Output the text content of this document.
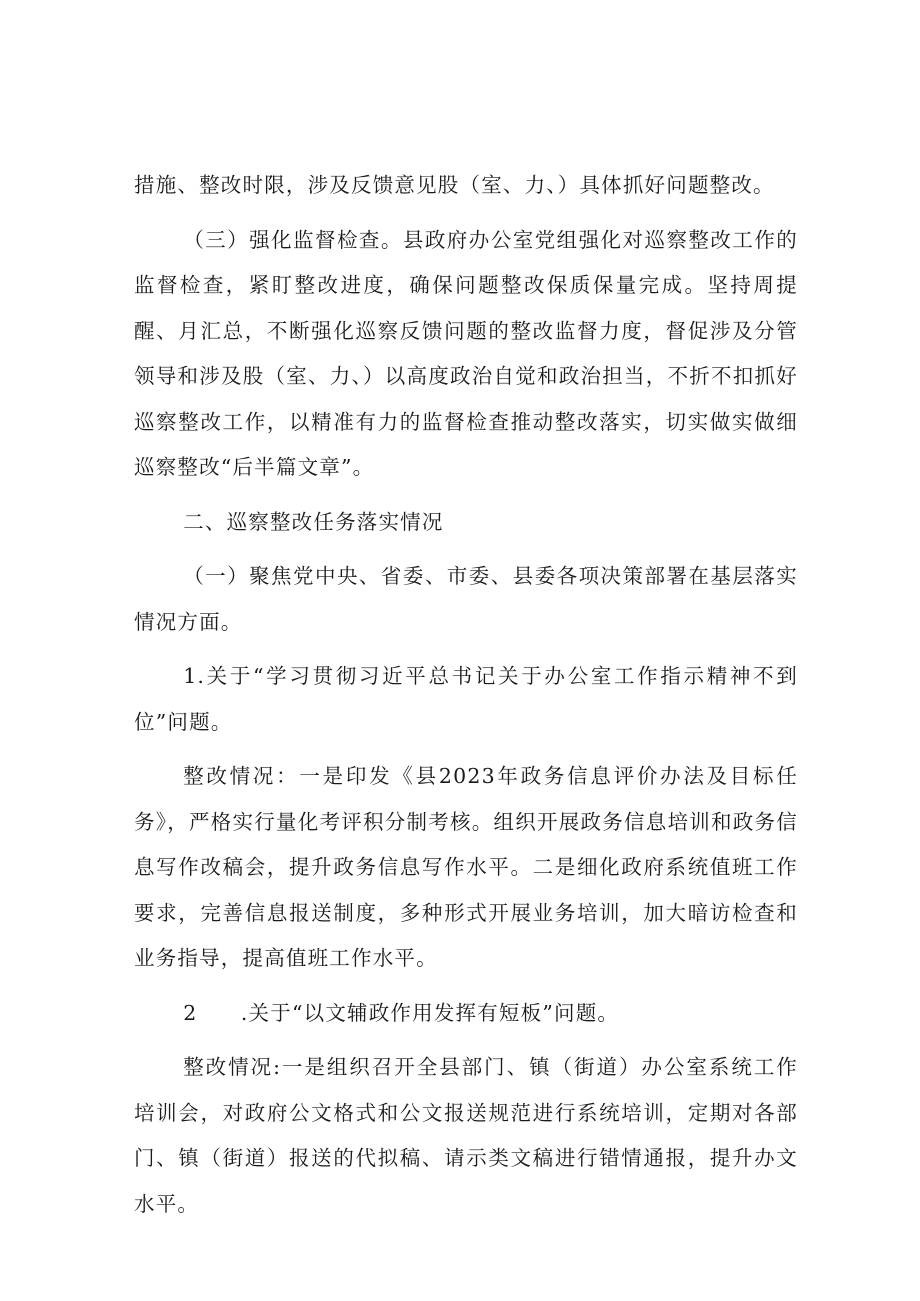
措施、整改时限，涉及反馈意见股（室、力、）具体抓好问题整改。

（三）强化监督检查。县政府办公室党组强化对巡察整改工作的监督检查，紧盯整改进度，确保问题整改保质保量完成。坚持周提醒、月汇总，不断强化巡察反馈问题的整改监督力度，督促涉及分管领导和涉及股（室、力、）以高度政治自觉和政治担当，不折不扣抓好巡察整改工作，以精准有力的监督检查推动整改落实，切实做实做细巡察整改“后半篇文章”。

二、巡察整改任务落实情况

（一）聚焦党中央、省委、市委、县委各项决策部署在基层落实情况方面。

1.关于“学习贯彻习近平总书记关于办公室工作指示精神不到位”问题。

整改情况：一是印发《县2023年政务信息评价办法及目标任务》，严格实行量化考评积分制考核。组织开展政务信息培训和政务信息写作改稿会，提升政务信息写作水平。二是细化政府系统值班工作要求，完善信息报送制度，多种形式开展业务培训，加大暗访检查和业务指导，提高值班工作水平。

2　　.关于“以文辅政作用发挥有短板”问题。

整改情况:一是组织召开全县部门、镇（街道）办公室系统工作培训会，对政府公文格式和公文报送规范进行系统培训，定期对各部门、镇（街道）报送的代拟稿、请示类文稿进行错情通报，提升办文水平。
